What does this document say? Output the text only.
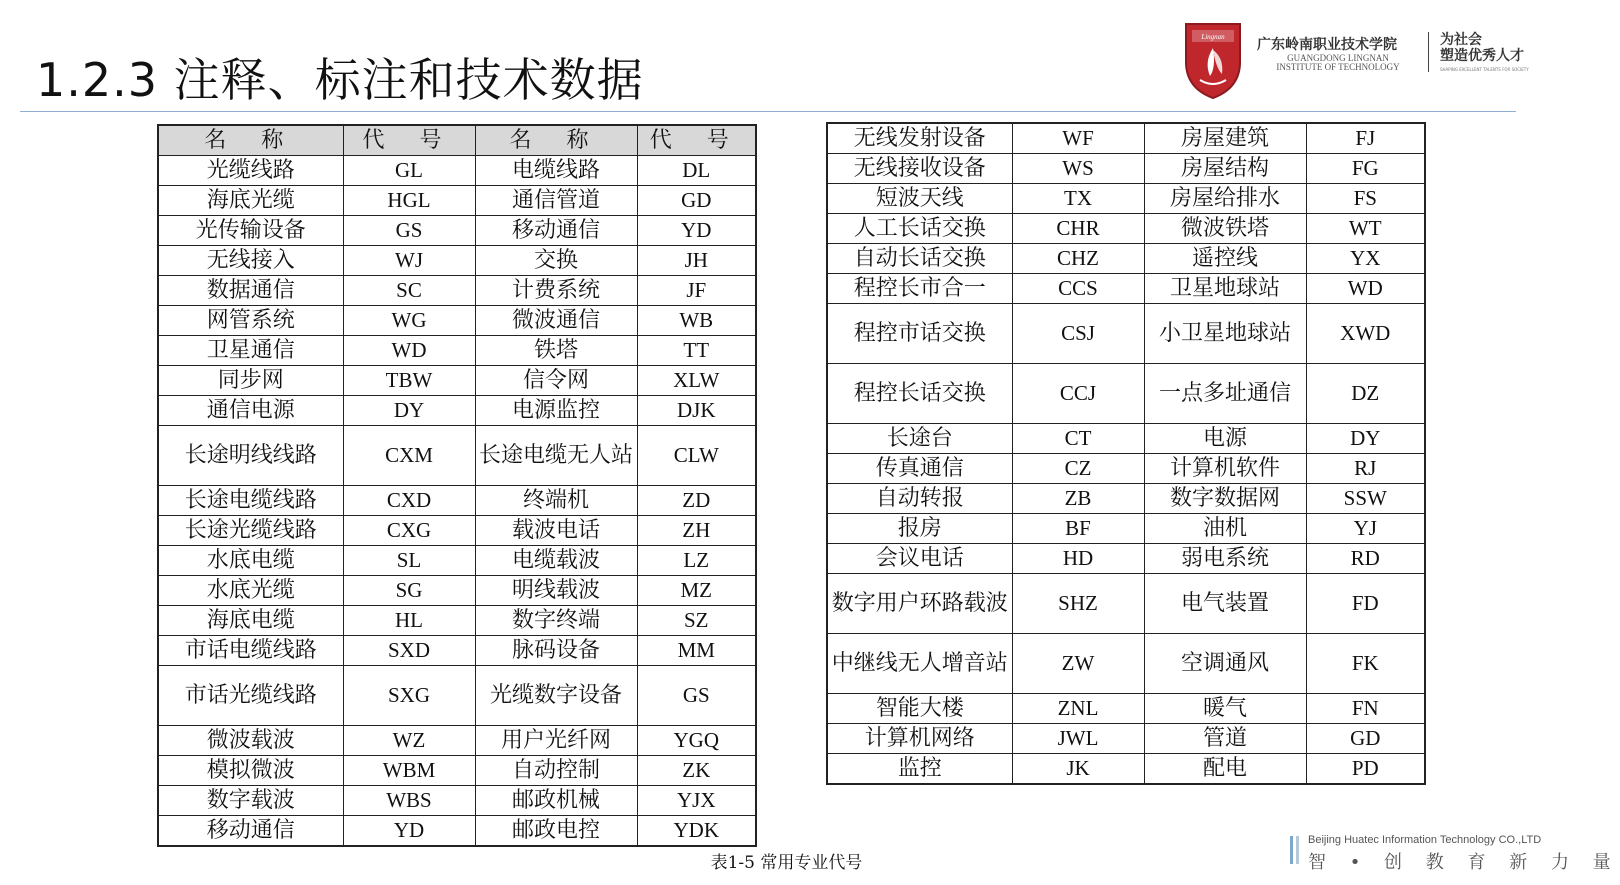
1.2.3 注释、标注和技术数据
Lingnan 广东岭南职业技术学院
GUANGDONG LINGNAN
INSTITUTE OF TECHNOLOGY
为社会
塑造优秀人才
SHAPING EXCELLENT TALENTS FOR SOCIETY
名 称	代 号	名 称	代 号
光缆线路	GL	电缆线路	DL
海底光缆	HGL	通信管道	GD
光传输设备	GS	移动通信	YD
无线接入	WJ	交换	JH
数据通信	SC	计费系统	JF
网管系统	WG	微波通信	WB
卫星通信	WD	铁塔	TT
同步网	TBW	信令网	XLW
通信电源	DY	电源监控	DJK
长途明线线路	CXM	长途电缆无人站	CLW
长途电缆线路	CXD	终端机	ZD
长途光缆线路	CXG	载波电话	ZH
水底电缆	SL	电缆载波	LZ
水底光缆	SG	明线载波	MZ
海底电缆	HL	数字终端	SZ
市话电缆线路	SXD	脉码设备	MM
市话光缆线路	SXG	光缆数字设备	GS
微波载波	WZ	用户光纤网	YGQ
模拟微波	WBM	自动控制	ZK
数字载波	WBS	邮政机械	YJX
移动通信	YD	邮政电控	YDK
无线发射设备	WF	房屋建筑	FJ
无线接收设备	WS	房屋结构	FG
短波天线	TX	房屋给排水	FS
人工长话交换	CHR	微波铁塔	WT
自动长话交换	CHZ	遥控线	YX
程控长市合一	CCS	卫星地球站	WD
程控市话交换	CSJ	小卫星地球站	XWD
程控长话交换	CCJ	一点多址通信	DZ
长途台	CT	电源	DY
传真通信	CZ	计算机软件	RJ
自动转报	ZB	数字数据网	SSW
报房	BF	油机	YJ
会议电话	HD	弱电系统	RD
数字用户环路载波	SHZ	电气装置	FD
中继线无人增音站	ZW	空调通风	FK
智能大楼	ZNL	暖气	FN
计算机网络	JWL	管道	GD
监控	JK	配电	PD
表1-5 常用专业代号
Beijing Huatec Information Technology CO.,LTD
智 • 创 教 育 新 力 量
